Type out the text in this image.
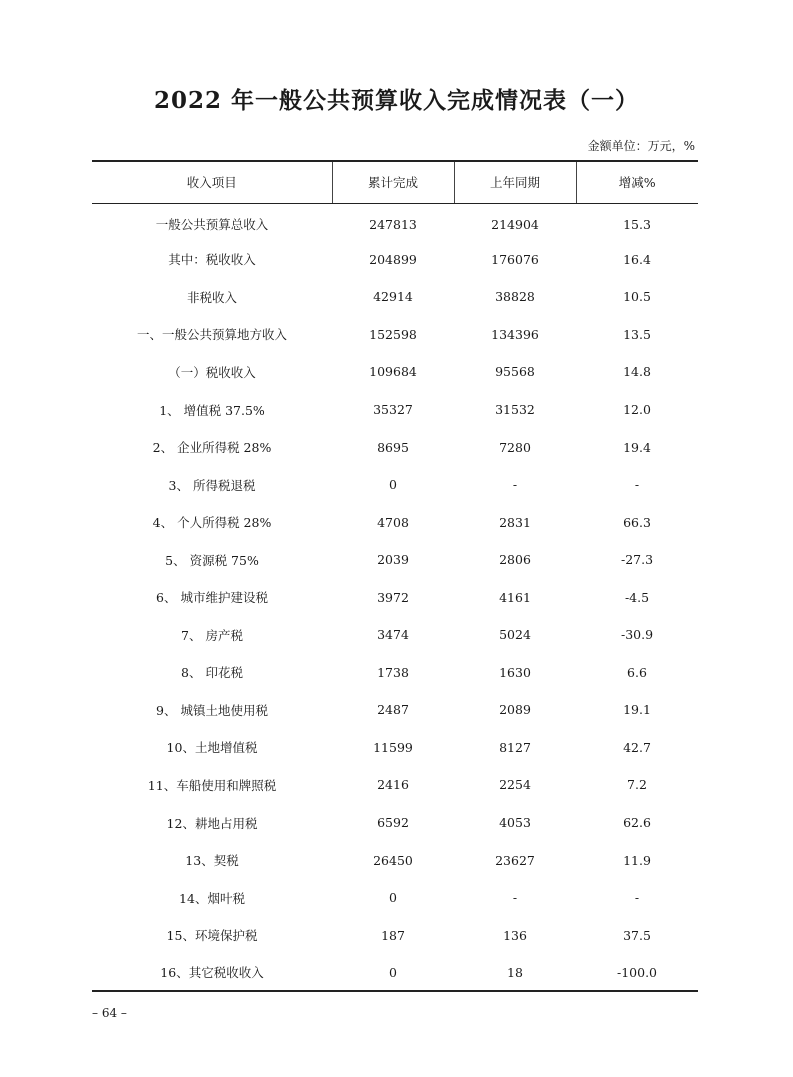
2022 年一般公共预算收入完成情况表（一）
金额单位：万元，%
收入项目	累计完成	上年同期	增减%
一般公共预算总收入	247813	214904	15.3
其中：税收收入	204899	176076	16.4
非税收入	42914	38828	10.5
一、一般公共预算地方收入	152598	134396	13.5
（一）税收收入	109684	95568	14.8
1、 增值税 37.5%	35327	31532	12.0
2、 企业所得税 28%	8695	7280	19.4
3、 所得税退税	0	-	-
4、 个人所得税 28%	4708	2831	66.3
5、 资源税 75%	2039	2806	-27.3
6、 城市维护建设税	3972	4161	-4.5
7、 房产税	3474	5024	-30.9
8、 印花税	1738	1630	6.6
9、 城镇土地使用税	2487	2089	19.1
10、土地增值税	11599	8127	42.7
11、车船使用和牌照税	2416	2254	7.2
12、耕地占用税	6592	4053	62.6
13、契税	26450	23627	11.9
14、烟叶税	0	-	-
15、环境保护税	187	136	37.5
16、其它税收收入	0	18	-100.0
– 64 –
